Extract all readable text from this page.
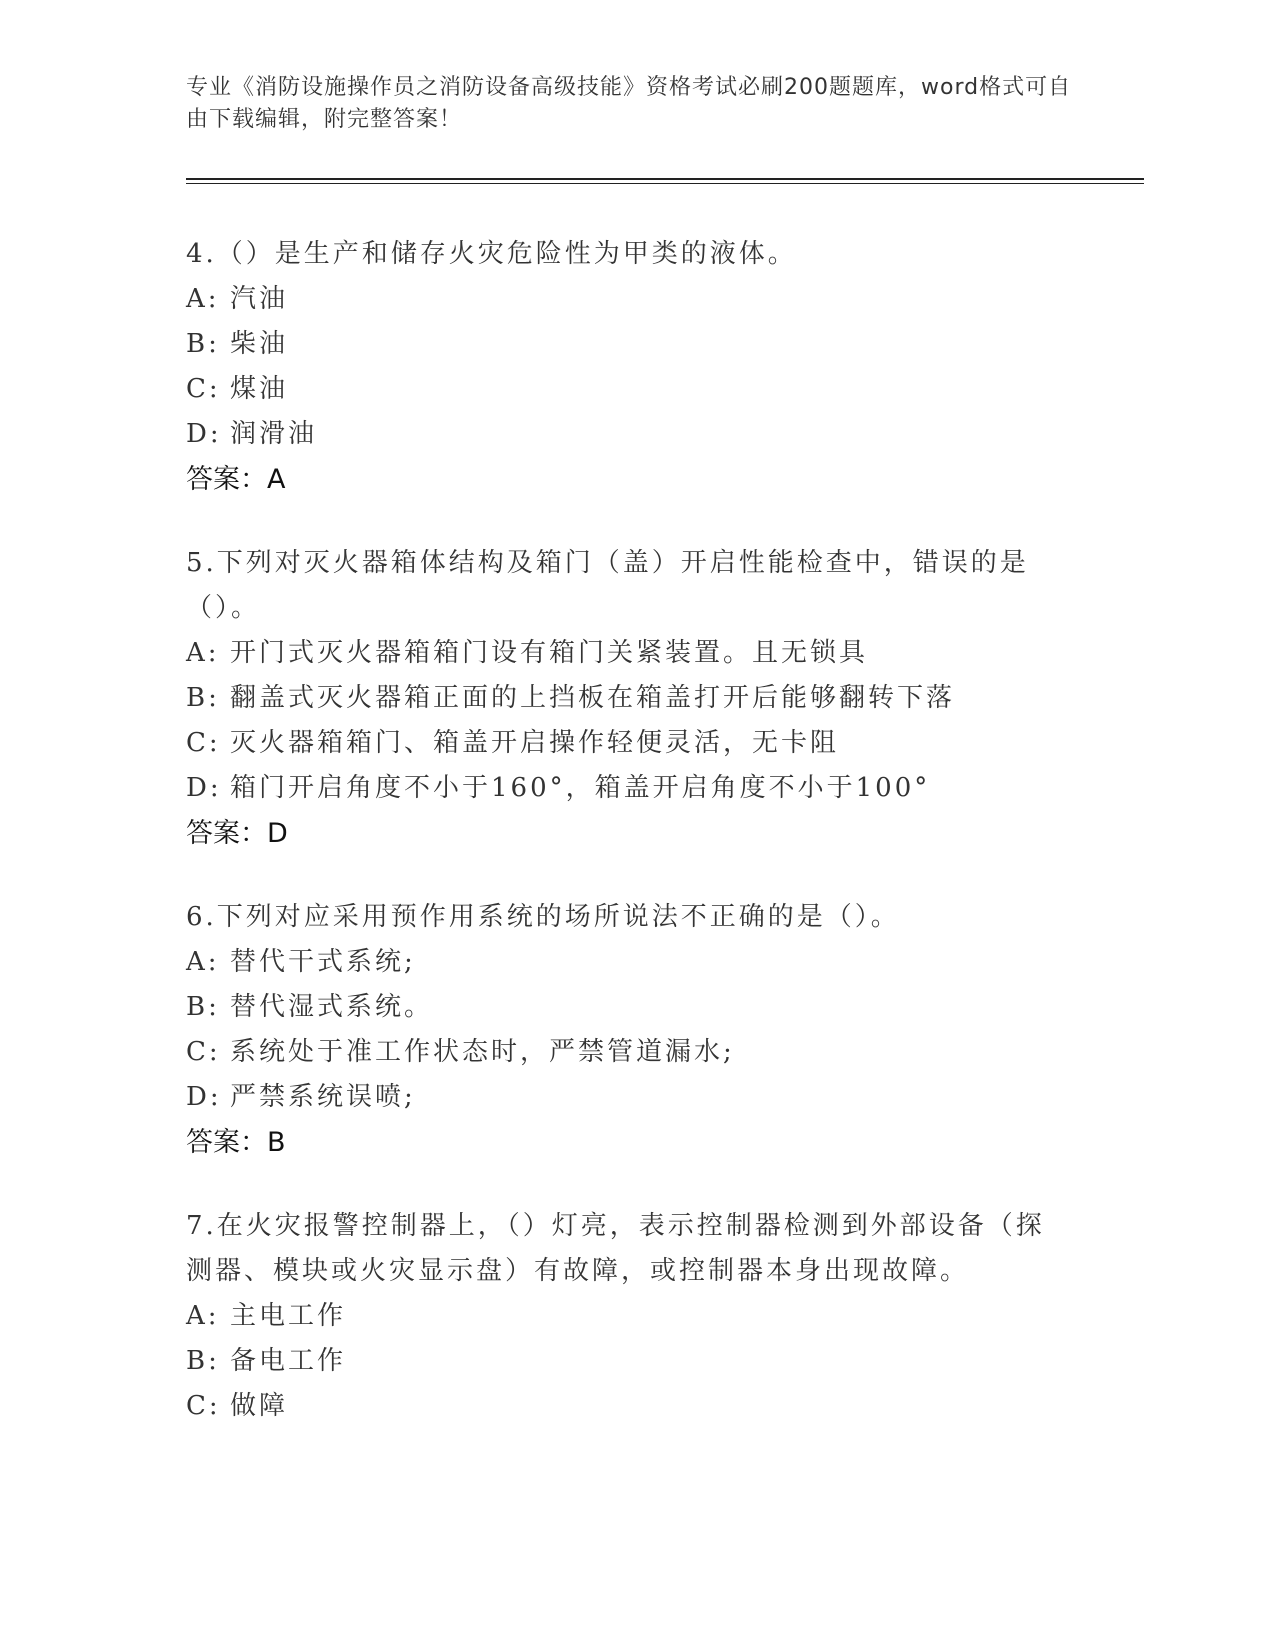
专业《消防设施操作员之消防设备高级技能》资格考试必刷200题题库，word格式可自由下载编辑，附完整答案！
4.（）是生产和储存火灾危险性为甲类的液体。
A: 汽油
B: 柴油
C: 煤油
D: 润滑油
答案：A
5.下列对灭火器箱体结构及箱门（盖）开启性能检查中，错误的是（）。
A: 开门式灭火器箱箱门设有箱门关紧装置。且无锁具
B: 翻盖式灭火器箱正面的上挡板在箱盖打开后能够翻转下落
C: 灭火器箱箱门、箱盖开启操作轻便灵活，无卡阻
D: 箱门开启角度不小于160°，箱盖开启角度不小于100°
答案：D
6.下列对应采用预作用系统的场所说法不正确的是（）。
A: 替代干式系统;
B: 替代湿式系统。
C: 系统处于准工作状态时，严禁管道漏水;
D: 严禁系统误喷;
答案：B
7.在火灾报警控制器上，（）灯亮，表示控制器检测到外部设备（探测器、模块或火灾显示盘）有故障，或控制器本身出现故障。
A: 主电工作
B: 备电工作
C: 做障
